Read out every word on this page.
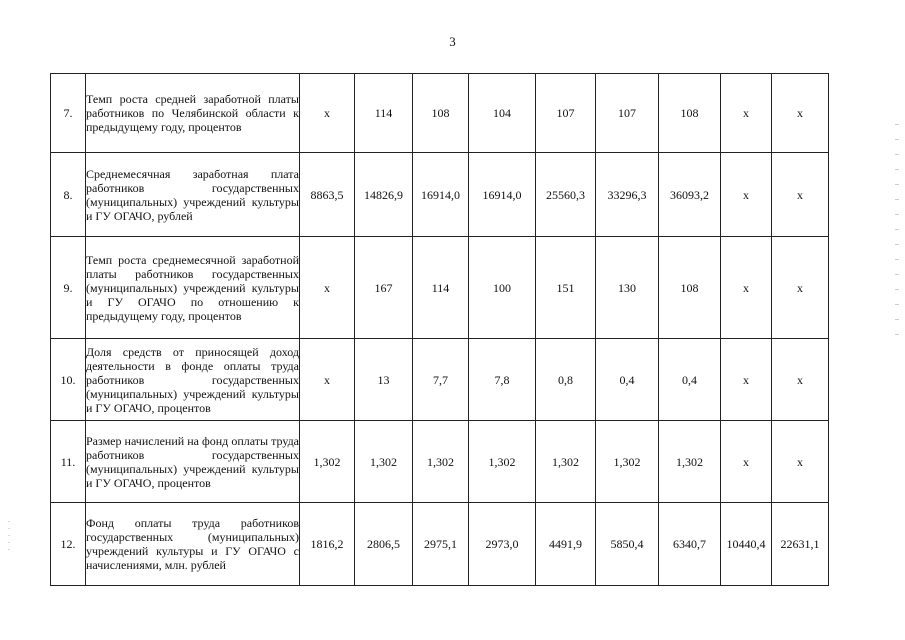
3
7.	Темп роста средней заработной платы работников по Челябинской области к предыдущему году, процентов	x	114	108	104	107	107	108	x	x
8.	Среднемесячная заработная плата работников государственных (муниципальных) учреждений культуры и ГУ ОГАЧО, рублей	8863,5	14826,9	16914,0	16914,0	25560,3	33296,3	36093,2	x	x
9.	Темп роста среднемесячной заработной платы работников государственных (муниципальных) учреждений культуры и ГУ ОГАЧО по отношению к предыдущему году, процентов	x	167	114	100	151	130	108	x	x
10.	Доля средств от приносящей доход деятельности в фонде оплаты труда работников государственных (муниципальных) учреждений культуры и ГУ ОГАЧО, процентов	x	13	7,7	7,8	0,8	0,4	0,4	x	x
11.	Размер начислений на фонд оплаты труда работников государственных (муниципальных) учреждений культуры и ГУ ОГАЧО, процентов	1,302	1,302	1,302	1,302	1,302	1,302	1,302	x	x
12.	Фонд оплаты труда работников государственных (муниципальных) учреждений культуры и ГУ ОГАЧО с начислениями, млн. рублей	1816,2	2806,5	2975,1	2973,0	4491,9	5850,4	6340,7	10440,4	22631,1
